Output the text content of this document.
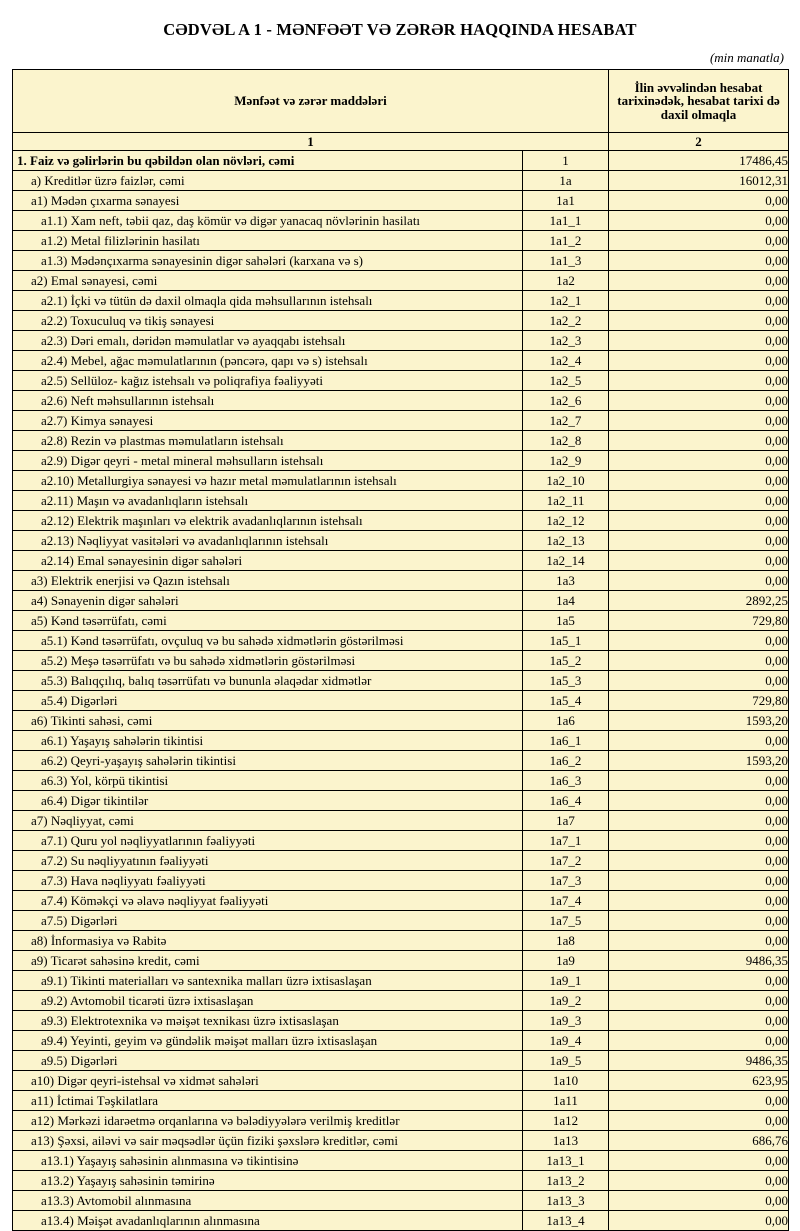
CƏDVƏL A 1 - MƏNFƏƏT VƏ ZƏRƏR HAQQINDA HESABAT
(min manatla)
Mənfəət və zərər maddələri		İlin əvvəlindən hesabat tarixinədək, hesabat tarixi də daxil olmaqla
1		2
1. Faiz və gəlirlərin bu qəbildən olan növləri, cəmi	1	17486,45
a) Kreditlər üzrə faizlər, cəmi	1a	16012,31
a1) Mədən çıxarma sənayesi	1a1	0,00
a1.1) Xam neft, təbii qaz, daş kömür və digər yanacaq növlərinin hasilatı	1a1_1	0,00
a1.2) Metal filizlərinin hasilatı	1a1_2	0,00
a1.3) Mədənçıxarma sənayesinin digər sahələri (karxana və s)	1a1_3	0,00
a2) Emal sənayesi, cəmi	1a2	0,00
a2.1) İçki və tütün də daxil olmaqla qida məhsullarının istehsalı	1a2_1	0,00
a2.2) Toxuculuq və tikiş sənayesi	1a2_2	0,00
a2.3) Dəri emalı, dəridən məmulatlar və ayaqqabı istehsalı	1a2_3	0,00
a2.4) Mebel, ağac məmulatlarının (pəncərə, qapı və s) istehsalı	1a2_4	0,00
a2.5) Sellüloz- kağız istehsalı və poliqrafiya fəaliyyəti	1a2_5	0,00
a2.6) Neft məhsullarının istehsalı	1a2_6	0,00
a2.7) Kimya sənayesi	1a2_7	0,00
a2.8) Rezin və plastmas məmulatların istehsalı	1a2_8	0,00
a2.9) Digər qeyri - metal mineral məhsulların istehsalı	1a2_9	0,00
a2.10) Metallurgiya sənayesi və hazır metal məmulatlarının istehsalı	1a2_10	0,00
a2.11) Maşın və avadanlıqların istehsalı	1a2_11	0,00
a2.12) Elektrik maşınları və elektrik avadanlıqlarının istehsalı	1a2_12	0,00
a2.13) Nəqliyyat vasitələri və avadanlıqlarının istehsalı	1a2_13	0,00
a2.14) Emal sənayesinin digər sahələri	1a2_14	0,00
a3) Elektrik enerjisi və Qazın istehsalı	1a3	0,00
a4) Sənayenin digər sahələri	1a4	2892,25
a5) Kənd təsərrüfatı, cəmi	1a5	729,80
a5.1) Kənd təsərrüfatı, ovçuluq və bu sahədə xidmətlərin göstərilməsi	1a5_1	0,00
a5.2) Meşə təsərrüfatı və bu sahədə xidmətlərin göstərilməsi	1a5_2	0,00
a5.3) Balıqçılıq, balıq təsərrüfatı və bununla əlaqədar xidmətlər	1a5_3	0,00
a5.4) Digərləri	1a5_4	729,80
a6) Tikinti sahəsi, cəmi	1a6	1593,20
a6.1) Yaşayış sahələrin tikintisi	1a6_1	0,00
a6.2) Qeyri-yaşayış sahələrin tikintisi	1a6_2	1593,20
a6.3) Yol, körpü tikintisi	1a6_3	0,00
a6.4) Digər tikintilər	1a6_4	0,00
a7) Nəqliyyat, cəmi	1a7	0,00
a7.1) Quru yol nəqliyyatlarının fəaliyyəti	1a7_1	0,00
a7.2) Su nəqliyyatının fəaliyyəti	1a7_2	0,00
a7.3) Hava nəqliyyatı fəaliyyəti	1a7_3	0,00
a7.4) Köməkçi və əlavə nəqliyyat fəaliyyəti	1a7_4	0,00
a7.5) Digərləri	1a7_5	0,00
a8) İnformasiya və Rabitə	1a8	0,00
a9) Ticarət sahəsinə kredit, cəmi	1a9	9486,35
a9.1) Tikinti materialları və santexnika malları üzrə ixtisaslaşan	1a9_1	0,00
a9.2) Avtomobil ticarəti üzrə ixtisaslaşan	1a9_2	0,00
a9.3) Elektrotexnika və məişət texnikası üzrə ixtisaslaşan	1a9_3	0,00
a9.4) Yeyinti, geyim və gündəlik məişət malları üzrə ixtisaslaşan	1a9_4	0,00
a9.5) Digərləri	1a9_5	9486,35
a10) Digər qeyri-istehsal və xidmət sahələri	1a10	623,95
a11) İctimai Təşkilatlara	1a11	0,00
a12) Mərkəzi idarəetmə orqanlarına və bələdiyyələrə verilmiş kreditlər	1a12	0,00
a13) Şəxsi, ailəvi və sair məqsədlər üçün fiziki şəxslərə kreditlər, cəmi	1a13	686,76
a13.1) Yaşayış sahəsinin alınmasına və tikintisinə	1a13_1	0,00
a13.2) Yaşayış sahəsinin təmirinə	1a13_2	0,00
a13.3) Avtomobil alınmasına	1a13_3	0,00
a13.4) Məişət avadanlıqlarının alınmasına	1a13_4	0,00
